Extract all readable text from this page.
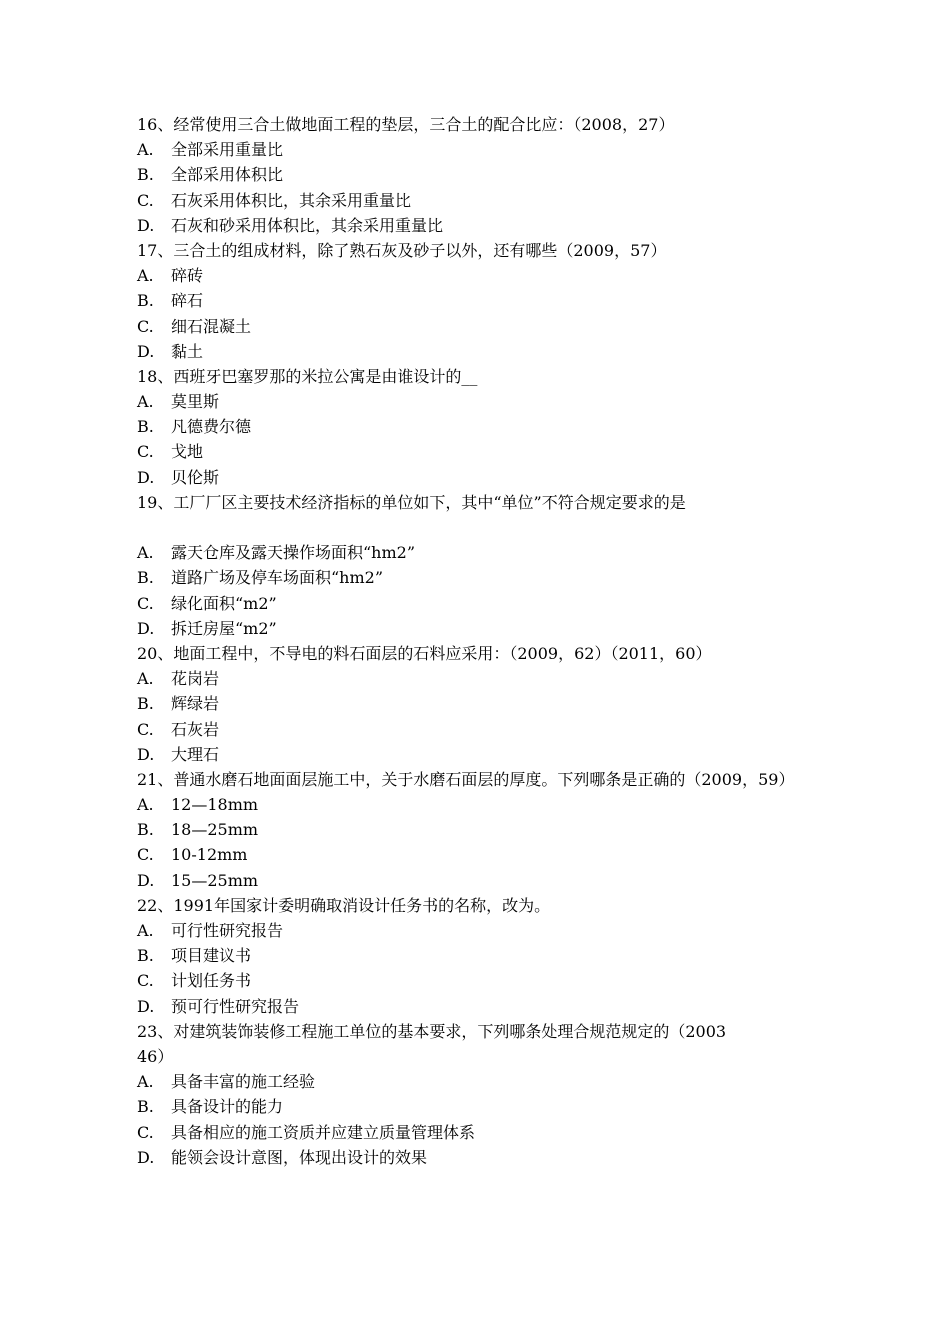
16、经常使用三合土做地面工程的垫层，三合土的配合比应：（2008，27）
A.	全部采用重量比
B.	全部采用体积比
C.	石灰采用体积比，其余采用重量比
D.	石灰和砂采用体积比，其余采用重量比
17、三合土的组成材料，除了熟石灰及砂子以外，还有哪些（2009，57）
A.	碎砖
B.	碎石
C.	细石混凝土
D.	黏土
18、西班牙巴塞罗那的米拉公寓是由谁设计的__
A.	莫里斯
B.	凡德费尔德
C.	戈地
D.	贝伦斯
19、工厂厂区主要技术经济指标的单位如下，其中“单位”不符合规定要求的是
A.	露天仓库及露天操作场面积“hm2”
B.	道路广场及停车场面积“hm2”
C.	绿化面积“m2”
D.	拆迁房屋“m2”
20、地面工程中，不导电的料石面层的石料应采用：（2009，62）（2011，60）
A.	花岗岩
B.	辉绿岩
C.	石灰岩
D.	大理石
21、普通水磨石地面面层施工中，关于水磨石面层的厚度。下列哪条是正确的（2009，59）
A.	12—18mm
B.	18—25mm
C.	10-12mm
D.	15—25mm
22、1991年国家计委明确取消设计任务书的名称，改为。
A.	可行性研究报告
B.	项目建议书
C.	计划任务书
D.	预可行性研究报告
23、对建筑装饰装修工程施工单位的基本要求，下列哪条处理合规范规定的（2003
46）
A.	具备丰富的施工经验
B.	具备设计的能力
C.	具备相应的施工资质并应建立质量管理体系
D.	能领会设计意图，体现出设计的效果
